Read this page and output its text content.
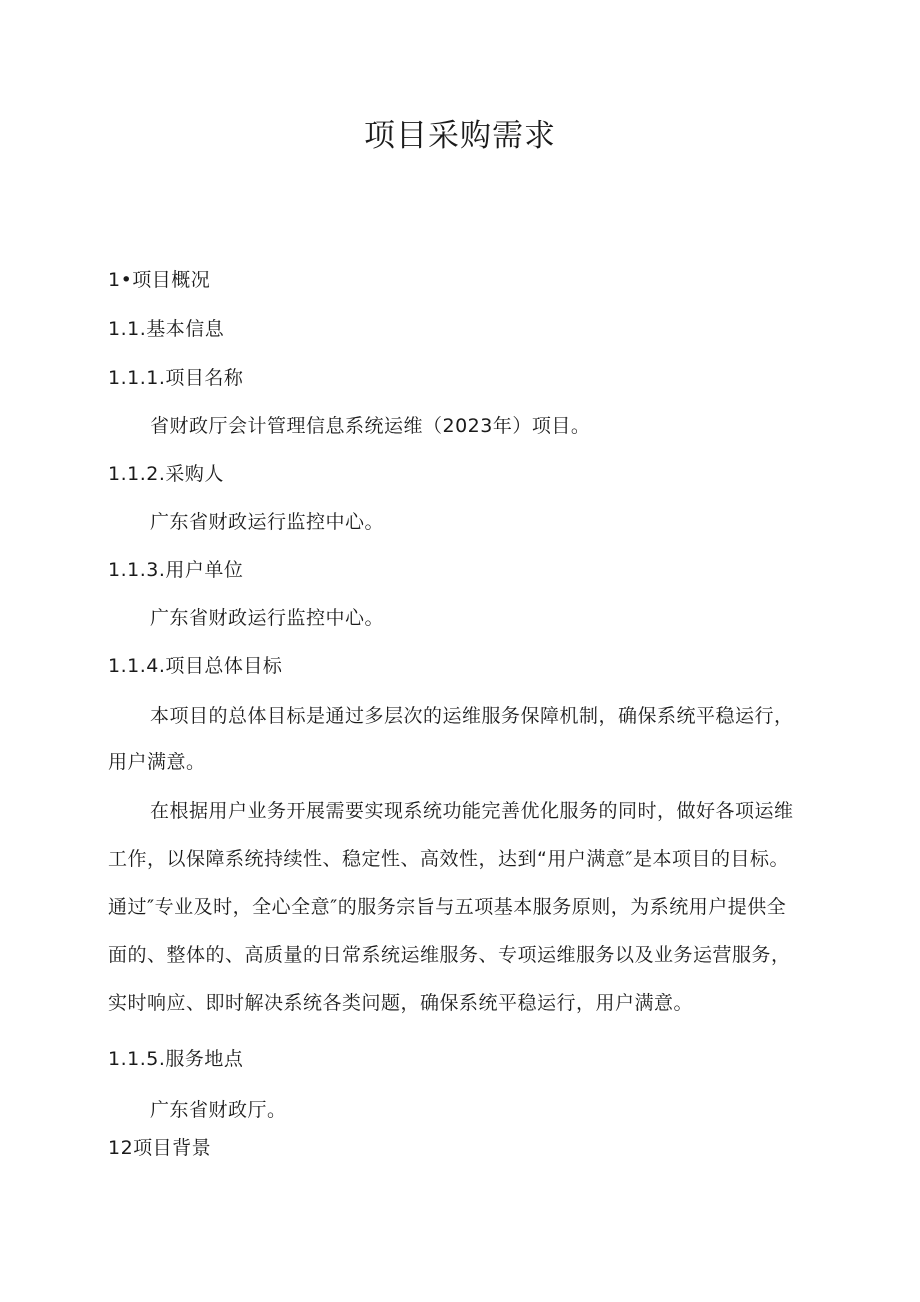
项目采购需求
1•项目概况
1.1.基本信息
1.1.1.项目名称
省财政厅会计管理信息系统运维（2023年）项目。
1.1.2.采购人
广东省财政运行监控中心。
1.1.3.用户单位
广东省财政运行监控中心。
1.1.4.项目总体目标
本项目的总体目标是通过多层次的运维服务保障机制，确保系统平稳运行，
用户满意。
在根据用户业务开展需要实现系统功能完善优化服务的同时，做好各项运维
工作，以保障系统持续性、稳定性、高效性，达到“用户满意″是本项目的目标。
通过″专业及时，全心全意″的服务宗旨与五项基本服务原则，为系统用户提供全
面的、整体的、高质量的日常系统运维服务、专项运维服务以及业务运营服务，
实时响应、即时解决系统各类问题，确保系统平稳运行，用户满意。
1.1.5.服务地点
广东省财政厅。
12项目背景
